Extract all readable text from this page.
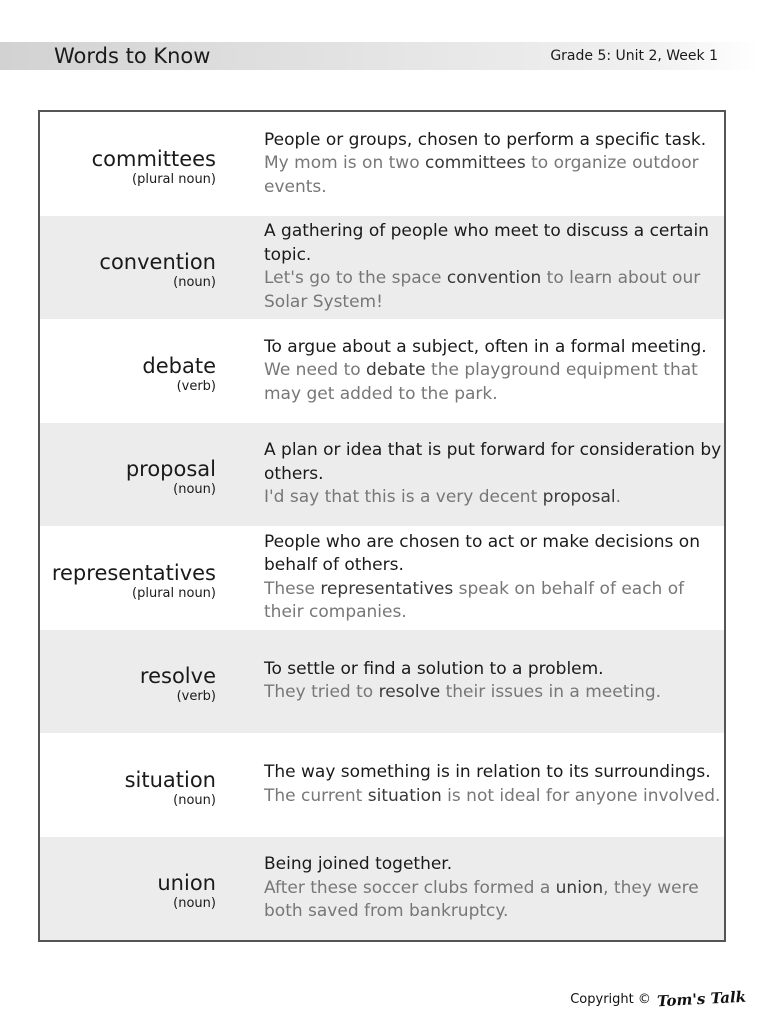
Words to Know	Grade 5: Unit 2, Week 1
committees
(plural noun)
People or groups, chosen to perform a specific task.
My mom is on two committees to organize outdoor events.
convention
(noun)
A gathering of people who meet to discuss a certain topic.
Let's go to the space convention to learn about our Solar System!
debate
(verb)
To argue about a subject, often in a formal meeting.
We need to debate the playground equipment that may get added to the park.
proposal
(noun)
A plan or idea that is put forward for consideration by others.
I'd say that this is a very decent proposal.
representatives
(plural noun)
People who are chosen to act or make decisions on behalf of others.
These representatives speak on behalf of each of their companies.
resolve
(verb)
To settle or find a solution to a problem.
They tried to resolve their issues in a meeting.
situation
(noun)
The way something is in relation to its surroundings.
The current situation is not ideal for anyone involved.
union
(noun)
Being joined together.
After these soccer clubs formed a union, they were both saved from bankruptcy.
Copyright © Tom's Talk
